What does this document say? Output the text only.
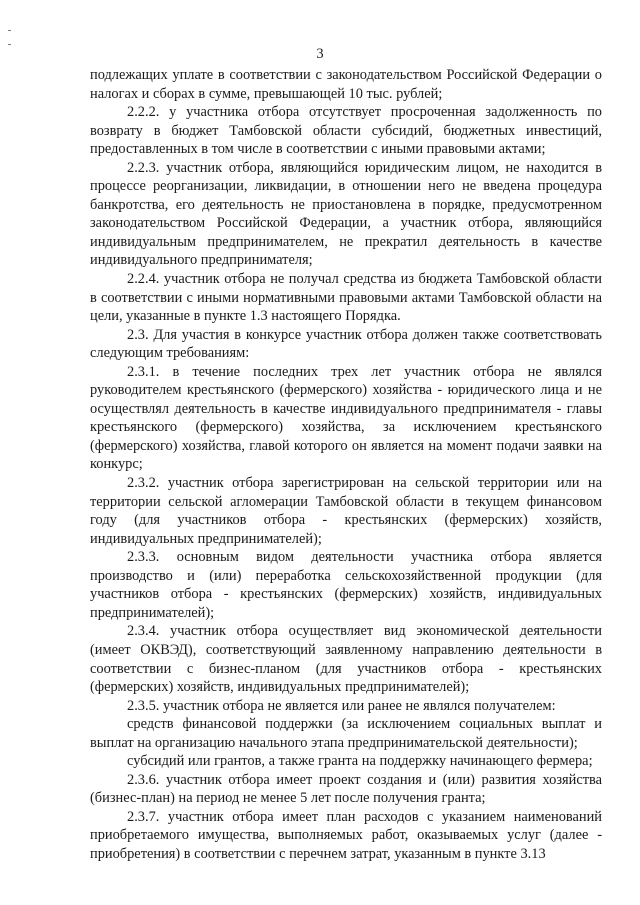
3

подлежащих уплате в соответствии с законодательством Российской Федерации о налогах и сборах в сумме, превышающей 10 тыс. рублей;

2.2.2. у участника отбора отсутствует просроченная задолженность по возврату в бюджет Тамбовской области субсидий, бюджетных инвестиций, предоставленных в том числе в соответствии с иными правовыми актами;

2.2.3. участник отбора, являющийся юридическим лицом, не находится в процессе реорганизации, ликвидации, в отношении него не введена процедура банкротства, его деятельность не приостановлена в порядке, предусмотренном законодательством Российской Федерации, а участник отбора, являющийся индивидуальным предпринимателем, не прекратил деятельность в качестве индивидуального предпринимателя;

2.2.4. участник отбора не получал средства из бюджета Тамбовской области в соответствии с иными нормативными правовыми актами Тамбовской области на цели, указанные в пункте 1.3 настоящего Порядка.

2.3. Для участия в конкурсе участник отбора должен также соответствовать следующим требованиям:

2.3.1. в течение последних трех лет участник отбора не являлся руководителем крестьянского (фермерского) хозяйства - юридического лица и не осуществлял деятельность в качестве индивидуального предпринимателя - главы крестьянского (фермерского) хозяйства, за исключением крестьянского (фермерского) хозяйства, главой которого он является на момент подачи заявки на конкурс;

2.3.2. участник отбора зарегистрирован на сельской территории или на территории сельской агломерации Тамбовской области в текущем финансовом году (для участников отбора - крестьянских (фермерских) хозяйств, индивидуальных предпринимателей);

2.3.3. основным видом деятельности участника отбора является производство и (или) переработка сельскохозяйственной продукции (для участников отбора - крестьянских (фермерских) хозяйств, индивидуальных предпринимателей);

2.3.4. участник отбора осуществляет вид экономической деятельности (имеет ОКВЭД), соответствующий заявленному направлению деятельности в соответствии с бизнес-планом (для участников отбора - крестьянских (фермерских) хозяйств, индивидуальных предпринимателей);

2.3.5. участник отбора не является или ранее не являлся получателем:

средств финансовой поддержки (за исключением социальных выплат и выплат на организацию начального этапа предпринимательской деятельности);

субсидий или грантов, а также гранта на поддержку начинающего фермера;

2.3.6. участник отбора имеет проект создания и (или) развития хозяйства (бизнес-план) на период не менее 5 лет после получения гранта;

2.3.7. участник отбора имеет план расходов с указанием наименований приобретаемого имущества, выполняемых работ, оказываемых услуг (далее - приобретения) в соответствии с перечнем затрат, указанным в пункте 3.13
